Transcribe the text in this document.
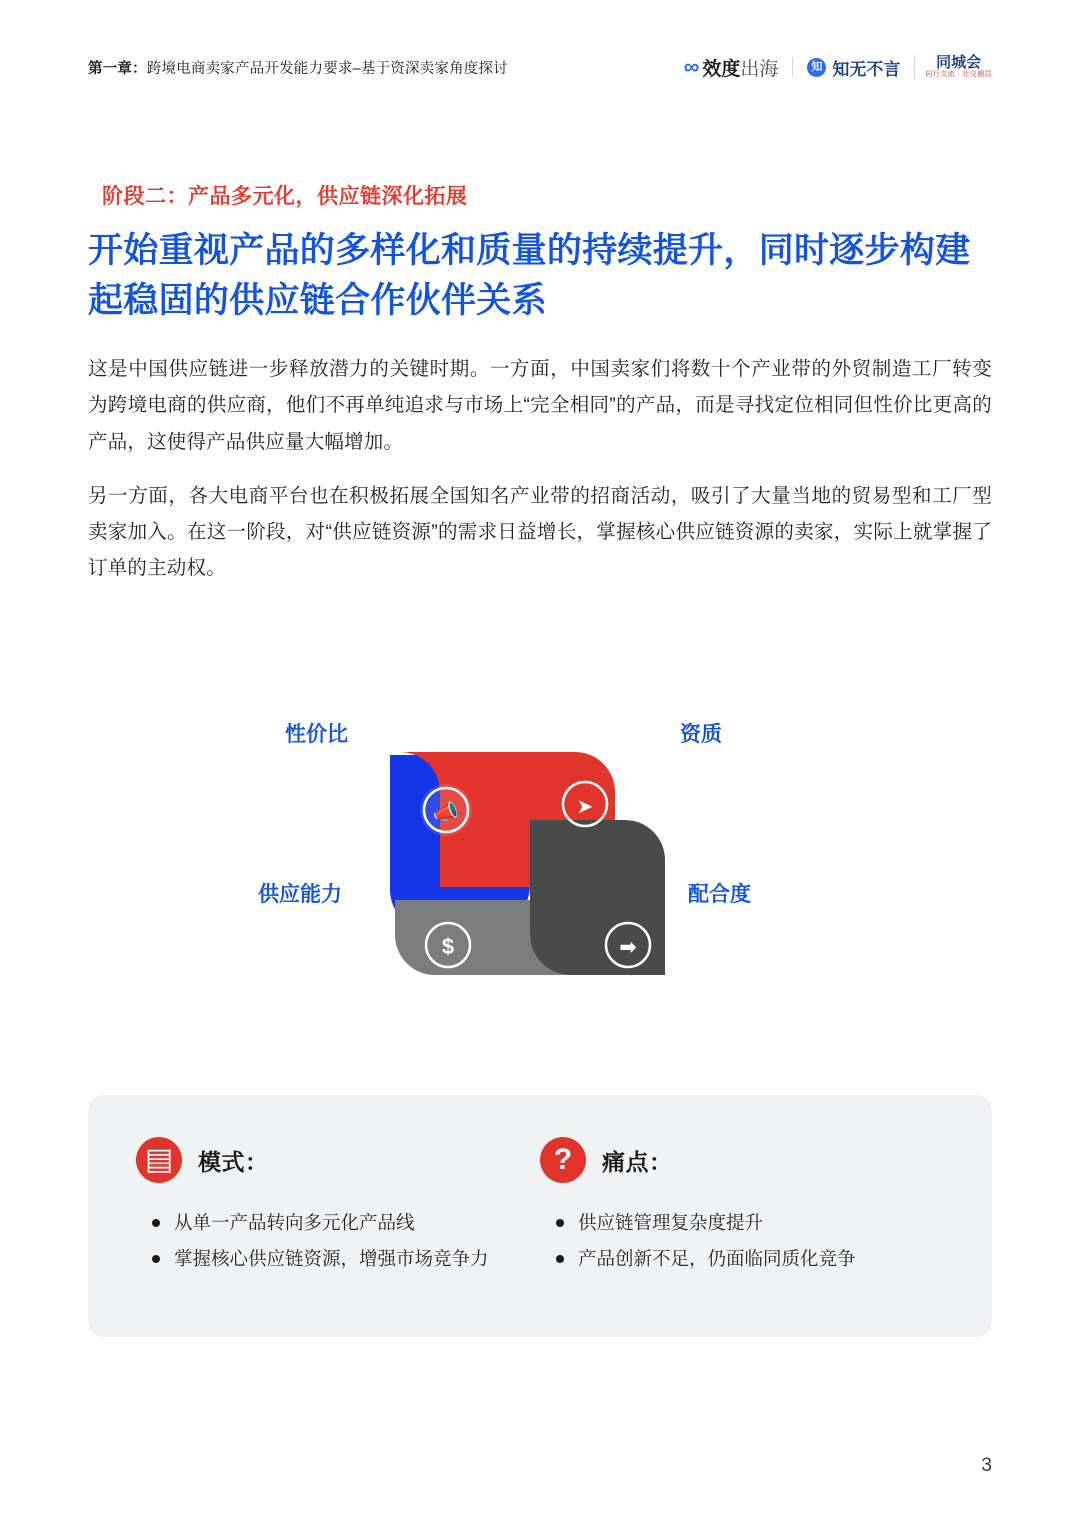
第一章：跨境电商卖家产品开发能力要求–基于资深卖家角度探讨	∞ 效度出海	知 知无不言 同城会
同行交流 · 社交圈层
阶段二：产品多元化，供应链深化拓展
开始重视产品的多样化和质量的持续提升，同时逐步构建起稳固的供应链合作伙伴关系

这是中国供应链进一步释放潜力的关键时期。一方面，中国卖家们将数十个产业带的外贸制造工厂转变为跨境电商的供应商，他们不再单纯追求与市场上“完全相同”的产品，而是寻找定位相同但性价比更高的产品，这使得产品供应量大幅增加。

另一方面，各大电商平台也在积极拓展全国知名产业带的招商活动，吸引了大量当地的贸易型和工厂型卖家加入。在这一阶段，对“供应链资源”的需求日益增长，掌握核心供应链资源的卖家，实际上就掌握了订单的主动权。

📣	➤
$	➡
性价比	资质
供应能力	配合度
▤ 模式：
从单一产品转向多元化产品线
掌握核心供应链资源，增强市场竞争力
? 痛点：
供应链管理复杂度提升
产品创新不足，仍面临同质化竞争
3
